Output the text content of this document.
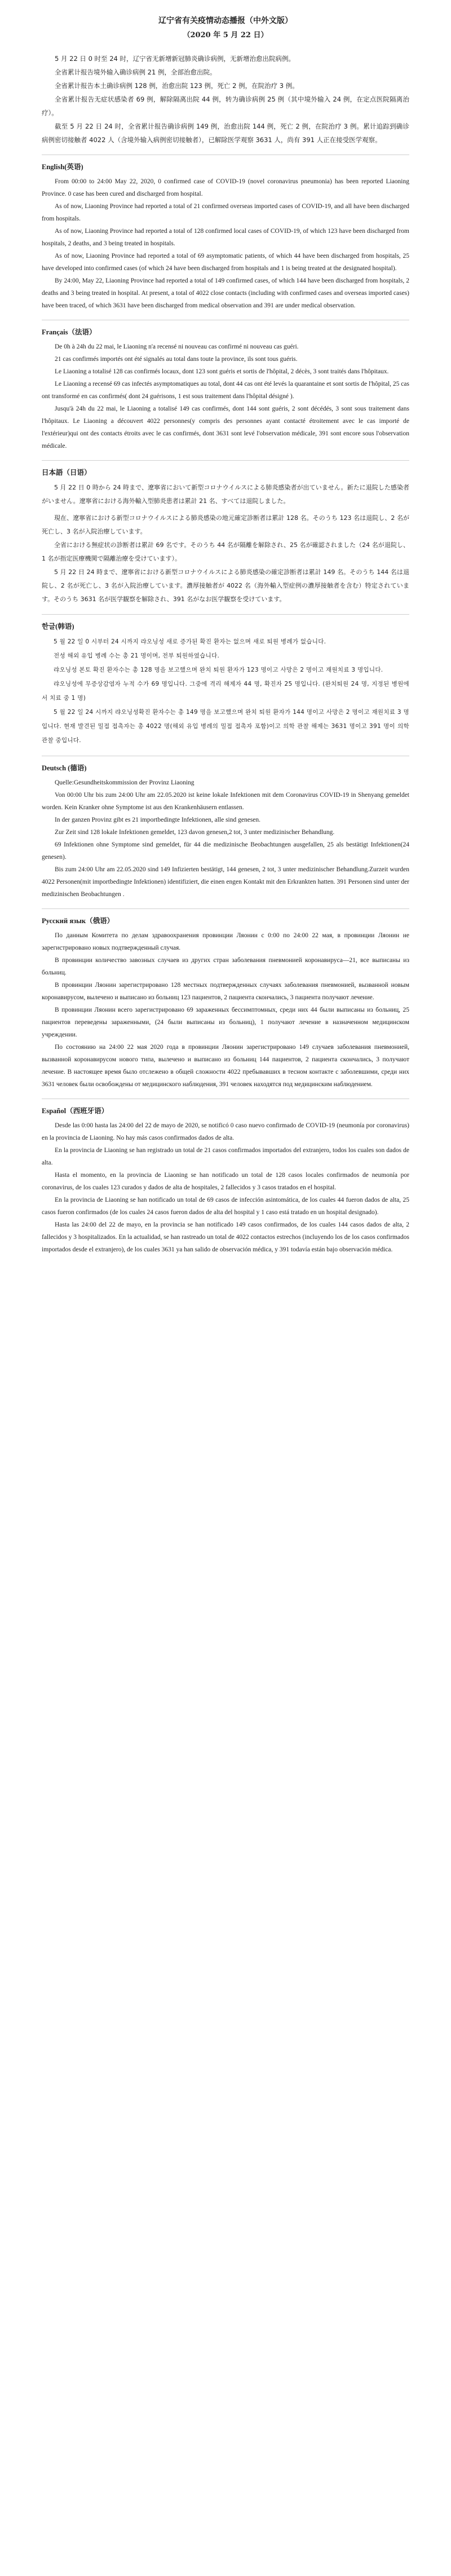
辽宁省有关疫情动态播报（中外文版）
（2020 年 5 月 22 日）

5 月 22 日 0 时至 24 时，辽宁省无新增新冠肺炎确诊病例，无新增治愈出院病例。

全省累计报告境外输入确诊病例 21 例，全部治愈出院。

全省累计报告本土确诊病例 128 例，治愈出院 123 例，死亡 2 例，在院治疗 3 例。

全省累计报告无症状感染者 69 例，解除隔离出院 44 例，转为确诊病例 25 例（其中境外输入 24 例，在定点医院隔离治疗）。

截至 5 月 22 日 24 时，全省累计报告确诊病例 149 例，治愈出院 144 例，死亡 2 例，在院治疗 3 例。累计追踪到确诊病例密切接触者 4022 人（含境外输入病例密切接触者），已解除医学观察 3631 人，尚有 391 人正在接受医学观察。

English(英语)

From 00:00 to 24:00 May 22, 2020, 0 confirmed case of COVID-19 (novel coronavirus pneumonia) has been reported Liaoning Province. 0 case has been cured and discharged from hospital.

As of now, Liaoning Province had reported a total of 21 confirmed overseas imported cases of COVID-19, and all have been discharged from hospitals.

As of now, Liaoning Province had reported a total of 128 confirmed local cases of COVID-19, of which 123 have been discharged from hospitals, 2 deaths, and 3 being treated in hospitals.

As of now, Liaoning Province had reported a total of 69 asymptomatic patients, of which 44 have been discharged from hospitals, 25 have developed into confirmed cases (of which 24 have been discharged from hospitals and 1 is being treated at the designated hospital).

By 24:00, May 22, Liaoning Province had reported a total of 149 confirmed cases, of which 144 have been discharged from hospitals, 2 deaths and 3 being treated in hospital. At present, a total of 4022 close contacts (including with confirmed cases and overseas imported cases) have been traced, of which 3631 have been discharged from medical observation and 391 are under medical observation.

Français（法语）

De 0h à 24h du 22 mai, le Liaoning n'a recensé ni nouveau cas confirmé ni nouveau cas guéri.

21 cas confirmés importés ont été signalés au total dans toute la province, ils sont tous guéris.

Le Liaoning a totalisé 128 cas confirmés locaux, dont 123 sont guéris et sortis de l'hôpital, 2 décès, 3 sont traités dans l'hôpitaux.

Le Liaoning a recensé 69 cas infectés asymptomatiques au total, dont 44 cas ont été levés la quarantaine et sont sortis de l'hôpital, 25 cas ont transformé en cas confirmés( dont 24 guérisons, 1 est sous traitement dans l'hôpital désigné ).

Jusqu'à 24h du 22 mai, le Liaoning a totalisé 149 cas confirmés, dont 144 sont guéris, 2 sont décédés, 3 sont sous traitement dans l'hôpitaux. Le Liaoning a découvert 4022 personnes(y compris des personnes ayant contacté étroitement avec le cas importé de l'extérieur)qui ont des contacts étroits avec le cas confirmés, dont 3631 sont levé l'observation médicale, 391 sont encore sous l'observation médicale.

日本語（日语）

5 月 22 日 0 時から 24 時まで、遼寧省において新型コロナウイルスによる肺炎感染者が出ていません。新たに退院した感染者がいません。遼寧省における海外輸入型肺炎患者は累計 21 名、すべては退院しました。

現在、遼寧省における新型コロナウイルスによる肺炎感染の地元確定診断者は累計 128 名。そのうち 123 名は退院し、2 名が死亡し、3 名が入院治療しています。

全省における無症状の診断者は累計 69 名です。そのうち 44 名が隔離を解除され、25 名が確認されました（24 名が退院し、1 名が指定医療機関で隔離治療を受けています）。

5 月 22 日 24 時まで、遼寧省における新型コロナウイルスによる肺炎感染の確定診断者は累計 149 名。そのうち 144 名は退院し、2 名が死亡し、3 名が入院治療しています。濃厚接触者が 4022 名（海外輸入型症例の濃厚接触者を含む）特定されています。そのうち 3631 名が医学観察を解除され、391 名がなお医学観察を受けています。

한글(韩语)

5 월 22 일 0 시부터 24 시까지 랴오닝성 새로 증가된 확진 환자는 없으며 새로 퇴원 병례가 없습니다.

전성 해외 유입 병례 수는 총 21 명이며, 전부 퇴원하였습니다.

랴오닝성 본토 확진 환자수는 총 128 명을 보고했으며 완치 퇴원 환자가 123 명이고 사망은 2 명이고 재원치료 3 명입니다.

랴오닝성에 무증상감염자 누적 수가 69 명입니다. 그중에 격리 해제자 44 명, 확진자 25 명입니다. (완치퇴원 24 명, 지정된 병원에서 치료 중 1 명)

5 월 22 일 24 시까지 랴오닝성확진 환자수는 총 149 명을 보고했으며 완치 퇴원 환자가 144 명이고 사망은 2 명이고 재원치료 3 명입니다. 현재 발견된 밀접 접촉자는 총 4022 명(해외 유입 병례의 밀접 접촉자 포함)이고 의학 관찰 해제는 3631 명이고 391 명이 의학관찰 중입니다.

Deutsch (德语)

Quelle:Gesundheitskommission der Provinz Liaoning

Von 00:00 Uhr bis zum 24:00 Uhr am 22.05.2020 ist keine lokale Infektionen mit dem Coronavirus COVID-19 in Shenyang gemeldet worden. Kein Kranker ohne Symptome ist aus den Krankenhäusern entlassen.

In der ganzen Provinz gibt es 21 importbedingte Infektionen, alle sind genesen.

Zur Zeit sind 128 lokale Infektionen gemeldet, 123 davon genesen,2 tot, 3 unter medizinischer Behandlung.

69 Infektionen ohne Symptome sind gemeldet, für 44 die medizinische Beobachtungen ausgefallen, 25 als bestätigt Infektionen(24 genesen).

Bis zum 24:00 Uhr am 22.05.2020 sind 149 Infizierten bestätigt, 144 genesen, 2 tot, 3 unter medizinischer Behandlung.Zurzeit wurden 4022 Personen(mit importbedingte Infektionen) identifiziert, die einen engen Kontakt mit den Erkrankten hatten. 391 Personen sind unter der medizinischen Beobachtungen .

Русский язык（俄语）

По данным Комитета по делам здравоохранения провинции Ляонин с 0:00 по 24:00 22 мая, в провинции Ляонин не зарегистрировано новых подтвержденный случая.

В провинции количество завозных случаев из других стран заболевания пневмонией коронавируса—21, все выписаны из больниц.

В провинции Ляонин зарегистрировано 128 местных подтвержденных случаях заболевания пневмонией, вызванной новым коронавирусом, вылечено и выписано из больниц 123 пациентов, 2 пациента скончались, 3 пациента получают лечение.

В провинции Ляонин всего зарегистрировано 69 зараженных бессимптомных, среди них 44 были выписаны из больниц, 25 пациентов переведены зараженными, (24 были выписаны из больниц), 1 получают лечение в назначенном медицинском учреждении.

По состоянию на 24:00 22 мая 2020 года в провинции Ляонин зарегистрировано 149 случаев заболевания пневмонией, вызванной коронавирусом нового типа, вылечено и выписано из больниц 144 пациентов, 2 пациента скончались, 3 получают лечение. В настоящее время было отслежено в общей сложности 4022 пребывавших в тесном контакте с заболевшими, среди них 3631 человек были освобождены от медицинского наблюдения, 391 человек находятся под медицинским наблюдением.

Español（西班牙语）

Desde las 0:00 hasta las 24:00 del 22 de mayo de 2020, se notificó 0 caso nuevo confirmado de COVID-19 (neumonía por coronavirus) en la provincia de Liaoning. No hay más casos confirmados dados de alta.

En la provincia de Liaoning se han registrado un total de 21 casos confirmados importados del extranjero, todos los cuales son dados de alta.

Hasta el momento, en la provincia de Liaoning se han notificado un total de 128 casos locales confirmados de neumonía por coronavirus, de los cuales 123 curados y dados de alta de hospitales, 2 fallecidos y 3 casos tratados en el hospital.

En la provincia de Liaoning se han notificado un total de 69 casos de infección asintomática, de los cuales 44 fueron dados de alta, 25 casos fueron confirmados (de los cuales 24 casos fueron dados de alta del hospital y 1 caso está tratado en un hospital designado).

Hasta las 24:00 del 22 de mayo, en la provincia se han notificado 149 casos confirmados, de los cuales 144 casos dados de alta, 2 fallecidos y 3 hospitalizados. En la actualidad, se han rastreado un total de 4022 contactos estrechos (incluyendo los de los casos confirmados importados desde el extranjero), de los cuales 3631 ya han salido de observación médica, y 391 todavía están bajo observación médica.
